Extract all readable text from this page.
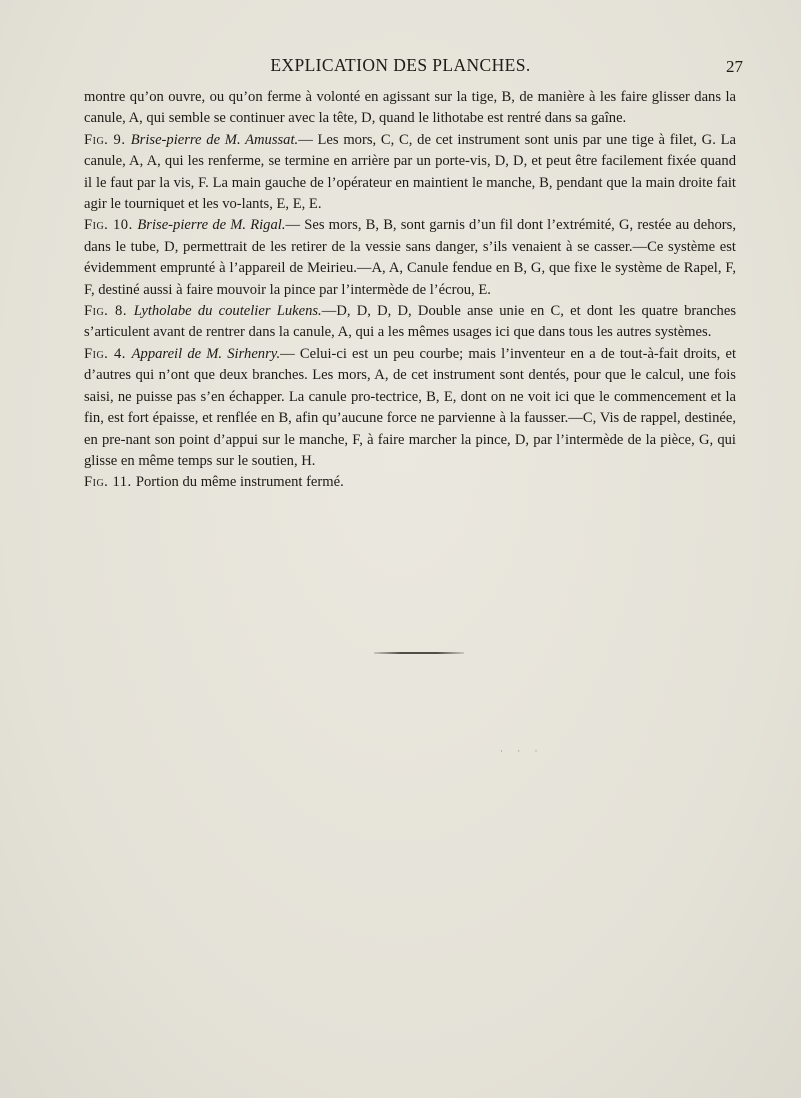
EXPLICATION DES PLANCHES.	27

montre qu’on ouvre, ou qu’on ferme à volonté en agissant sur la tige, B, de manière à les faire glisser dans la canule, A, qui semble se continuer avec la tête, D, quand le lithotabe est rentré dans sa gaîne.

Fig. 9. Brise-pierre de M. Amussat.— Les mors, C, C, de cet instrument sont unis par une tige à filet, G. La canule, A, A, qui les renferme, se termine en arrière par un porte-vis, D, D, et peut être facilement fixée quand il le faut par la vis, F. La main gauche de l’opérateur en maintient le manche, B, pendant que la main droite fait agir le tourniquet et les vo-lants, E, E, E.

Fig. 10. Brise-pierre de M. Rigal.— Ses mors, B, B, sont garnis d’un fil dont l’extrémité, G, restée au dehors, dans le tube, D, permettrait de les retirer de la vessie sans danger, s’ils venaient à se casser.—Ce système est évidemment emprunté à l’appareil de Meirieu.—A, A, Canule fendue en B, G, que fixe le système de Rapel, F, F, destiné aussi à faire mouvoir la pince par l’intermède de l’écrou, E.

Fig. 8. Lytholabe du coutelier Lukens.—D, D, D, D, Double anse unie en C, et dont les quatre branches s’articulent avant de rentrer dans la canule, A, qui a les mêmes usages ici que dans tous les autres systèmes.

Fig. 4. Appareil de M. Sirhenry.— Celui-ci est un peu courbe; mais l’inventeur en a de tout-à-fait droits, et d’autres qui n’ont que deux branches. Les mors, A, de cet instrument sont dentés, pour que le calcul, une fois saisi, ne puisse pas s’en échapper. La canule pro-tectrice, B, E, dont on ne voit ici que le commencement et la fin, est fort épaisse, et renflée en B, afin qu’aucune force ne parvienne à la fausser.—C, Vis de rappel, destinée, en pre-nant son point d’appui sur le manche, F, à faire marcher la pince, D, par l’intermède de la pièce, G, qui glisse en même temps sur le soutien, H.

Fig. 11. Portion du même instrument fermé.

· · ·
